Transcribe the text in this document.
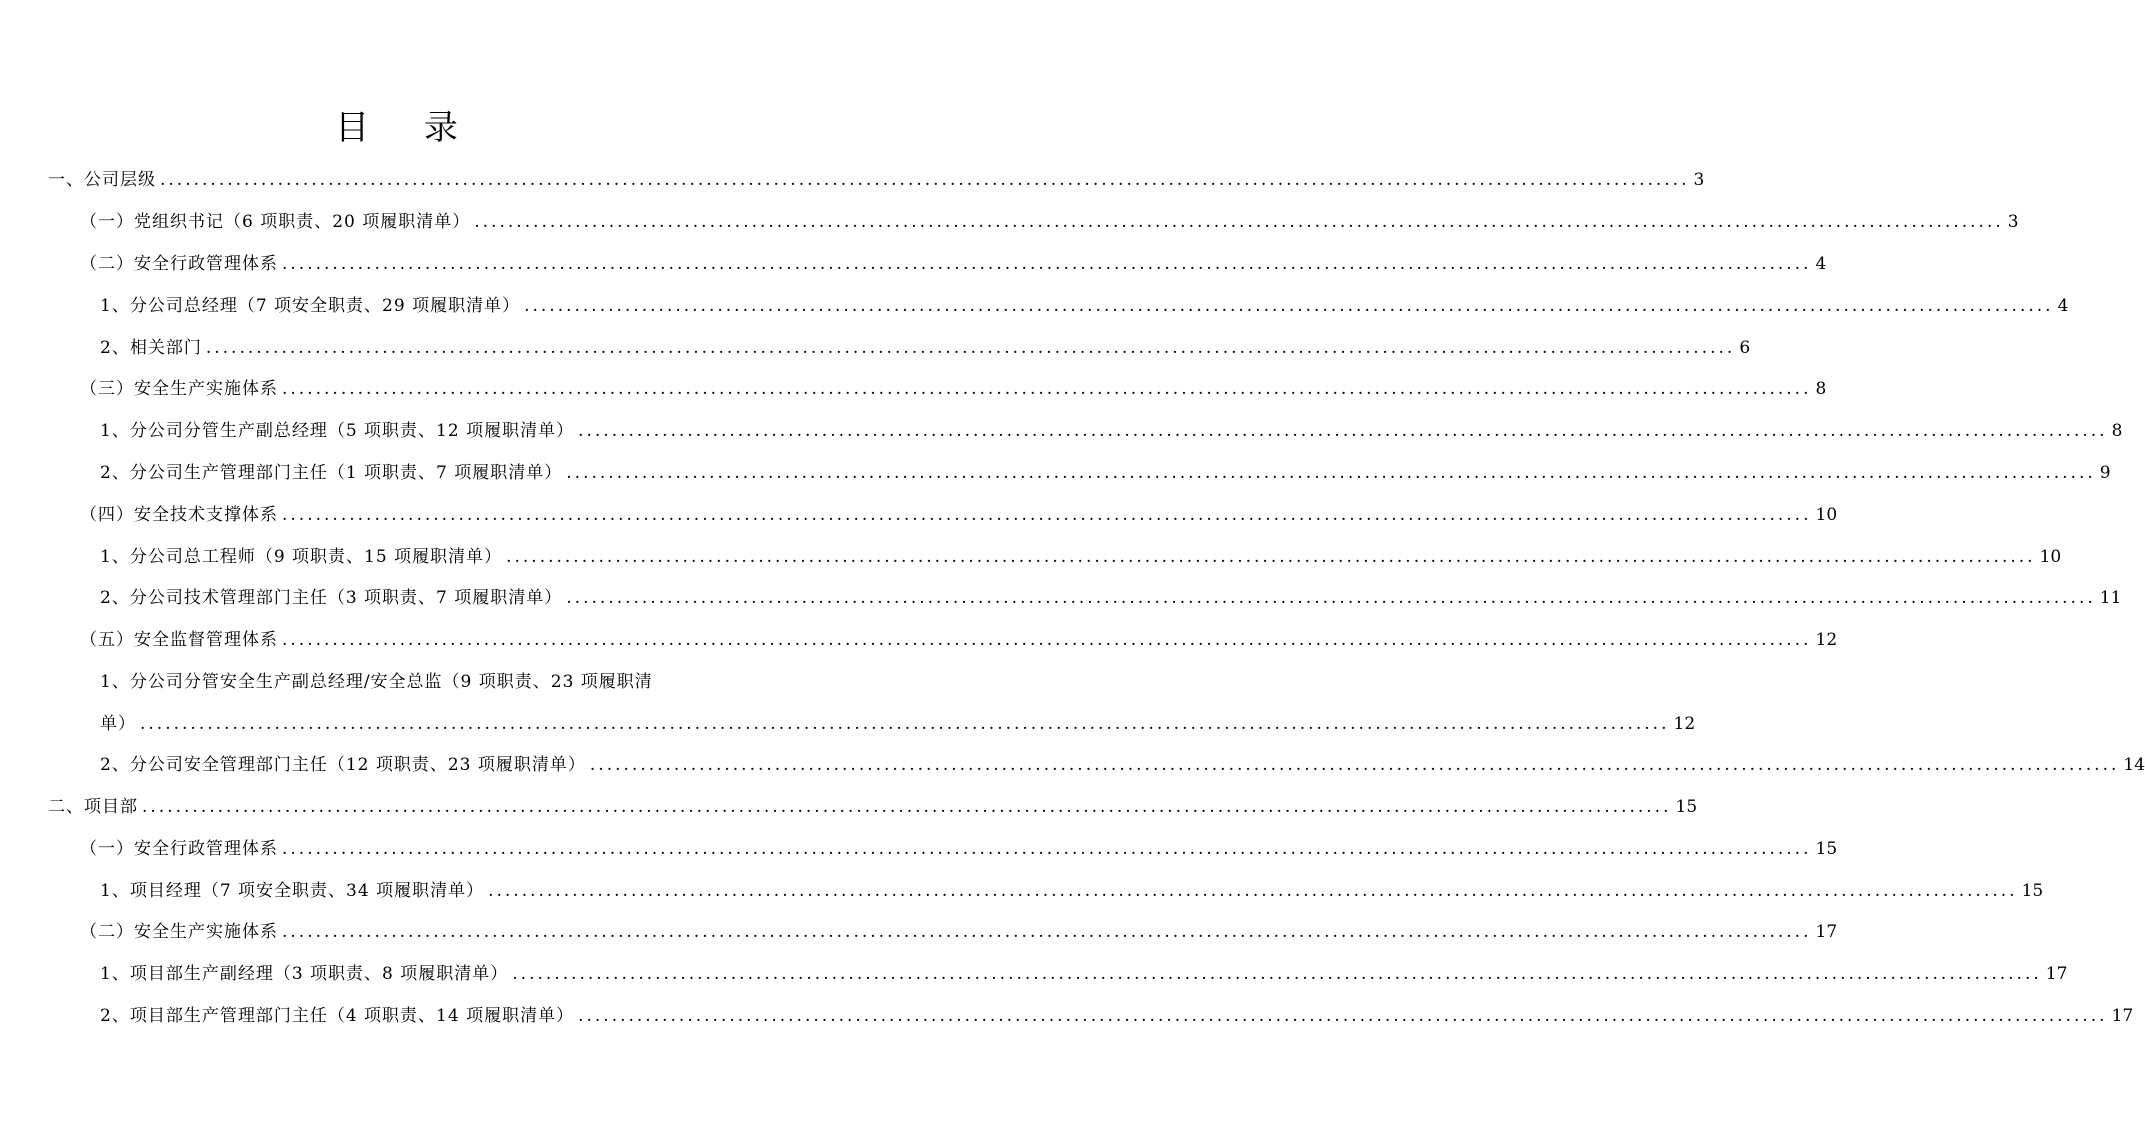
目 录
一、公司层级 ...................................................................................................................................................................................... 3
（一）党组织书记（6 项职责、20 项履职清单） ...................................................................................................................................................................................... 3
（二）安全行政管理体系 ...................................................................................................................................................................................... 4
1、分公司总经理（7 项安全职责、29 项履职清单） ...................................................................................................................................................................................... 4
2、相关部门 ...................................................................................................................................................................................... 6
（三）安全生产实施体系 ...................................................................................................................................................................................... 8
1、分公司分管生产副总经理（5 项职责、12 项履职清单） ...................................................................................................................................................................................... 8
2、分公司生产管理部门主任（1 项职责、7 项履职清单） ...................................................................................................................................................................................... 9
（四）安全技术支撑体系 ...................................................................................................................................................................................... 10
1、分公司总工程师（9 项职责、15 项履职清单） ...................................................................................................................................................................................... 10
2、分公司技术管理部门主任（3 项职责、7 项履职清单） ...................................................................................................................................................................................... 11
（五）安全监督管理体系 ...................................................................................................................................................................................... 12
1、分公司分管安全生产副总经理/安全总监（9 项职责、23 项履职清
单） ...................................................................................................................................................................................... 12
2、分公司安全管理部门主任（12 项职责、23 项履职清单） ...................................................................................................................................................................................... 14
二、项目部 ...................................................................................................................................................................................... 15
（一）安全行政管理体系 ...................................................................................................................................................................................... 15
1、项目经理（7 项安全职责、34 项履职清单） ...................................................................................................................................................................................... 15
（二）安全生产实施体系 ...................................................................................................................................................................................... 17
1、项目部生产副经理（3 项职责、8 项履职清单） ...................................................................................................................................................................................... 17
2、项目部生产管理部门主任（4 项职责、14 项履职清单） ...................................................................................................................................................................................... 17
